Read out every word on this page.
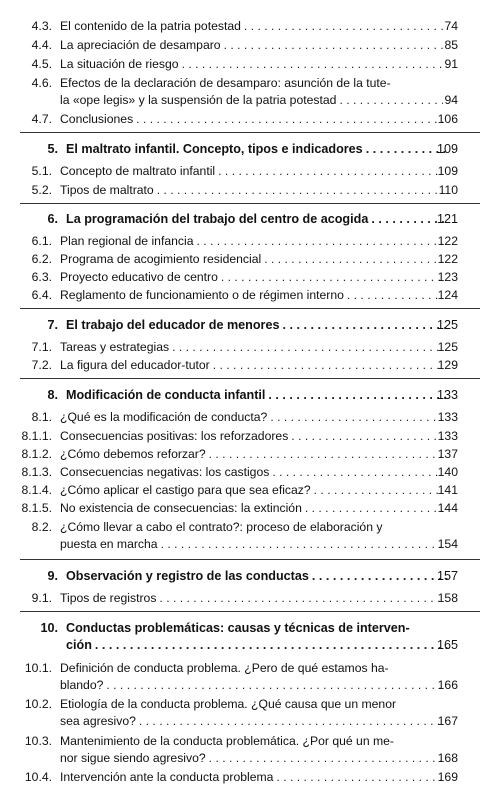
4.3. El contenido de la patria potestad . . .	74
4.4. La apreciación de desamparo . . .	85
4.5. La situación de riesgo . . .	91
4.6. Efectos de la declaración de desamparo: asunción de la tute-
la «ope legis» y la suspensión de la patria potestad . . .	94
4.7. Conclusiones . . .	106
5. El maltrato infantil. Concepto, tipos e indicadores . . .	109
5.1. Concepto de maltrato infantil . . .	109
5.2. Tipos de maltrato . . .	110
6. La programación del trabajo del centro de acogida . . .	121
6.1. Plan regional de infancia . . .	122
6.2. Programa de acogimiento residencial . . .	122
6.3. Proyecto educativo de centro . . .	123
6.4. Reglamento de funcionamiento o de régimen interno . . .	124
7. El trabajo del educador de menores . . .	125
7.1. Tareas y estrategias . . .	125
7.2. La figura del educador-tutor . . .	129
8. Modificación de conducta infantil . . .	133
8.1. ¿Qué es la modificación de conducta? . . .	133
8.1.1. Consecuencias positivas: los reforzadores . . .	133
8.1.2. ¿Cómo debemos reforzar? . . .	137
8.1.3. Consecuencias negativas: los castigos . . .	140
8.1.4. ¿Cómo aplicar el castigo para que sea eficaz? . . .	141
8.1.5. No existencia de consecuencias: la extinción . . .	144
8.2. ¿Cómo llevar a cabo el contrato?: proceso de elaboración y
puesta en marcha . . .	154
9. Observación y registro de las conductas . . .	157
9.1. Tipos de registros . . .	158
10. Conductas problemáticas: causas y técnicas de interven-
ción . . .	165
10.1. Definición de conducta problema. ¿Pero de qué estamos ha-
blando? . . .	166
10.2. Etiología de la conducta problema. ¿Qué causa que un menor
sea agresivo? . . .	167
10.3. Mantenimiento de la conducta problemática. ¿Por qué un me-
nor sigue siendo agresivo? . . .	168
10.4. Intervención ante la conducta problema . . .	169
